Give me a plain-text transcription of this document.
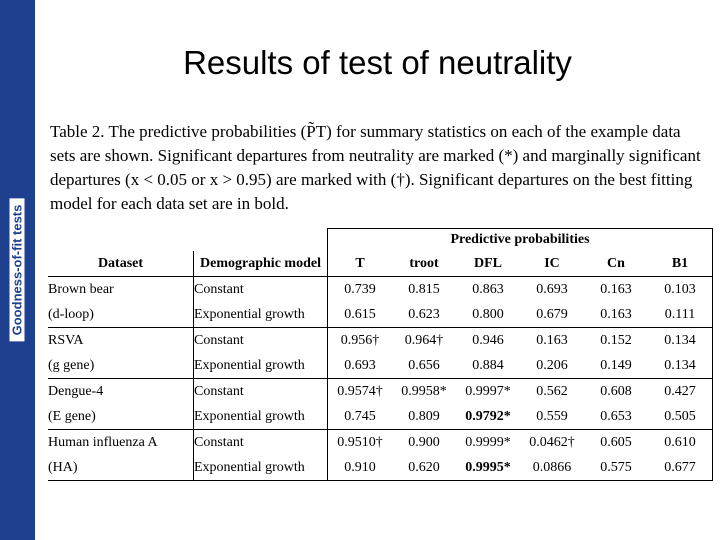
Goodness-of-fit tests
Results of test of neutrality

Table 2. The predictive probabilities (P̃T) for summary statistics on each of the example data sets are shown. Significant departures from neutrality are marked (*) and marginally significant departures (x < 0.05 or x > 0.95) are marked with (†). Significant departures on the best fitting model for each data set are in bold.

		Predictive probabilities					
Dataset	Demographic model	T	troot	DFL	IC	Cn	B1
Brown bear	Constant	0.739	0.815	0.863	0.693	0.163	0.103
(d-loop)	Exponential growth	0.615	0.623	0.800	0.679	0.163	0.111
RSVA	Constant	0.956†	0.964†	0.946	0.163	0.152	0.134
(g gene)	Exponential growth	0.693	0.656	0.884	0.206	0.149	0.134
Dengue-4	Constant	0.9574†	0.9958*	0.9997*	0.562	0.608	0.427
(E gene)	Exponential growth	0.745	0.809	0.9792*	0.559	0.653	0.505
Human influenza A	Constant	0.9510†	0.900	0.9999*	0.0462†	0.605	0.610
(HA)	Exponential growth	0.910	0.620	0.9995*	0.0866	0.575	0.677
